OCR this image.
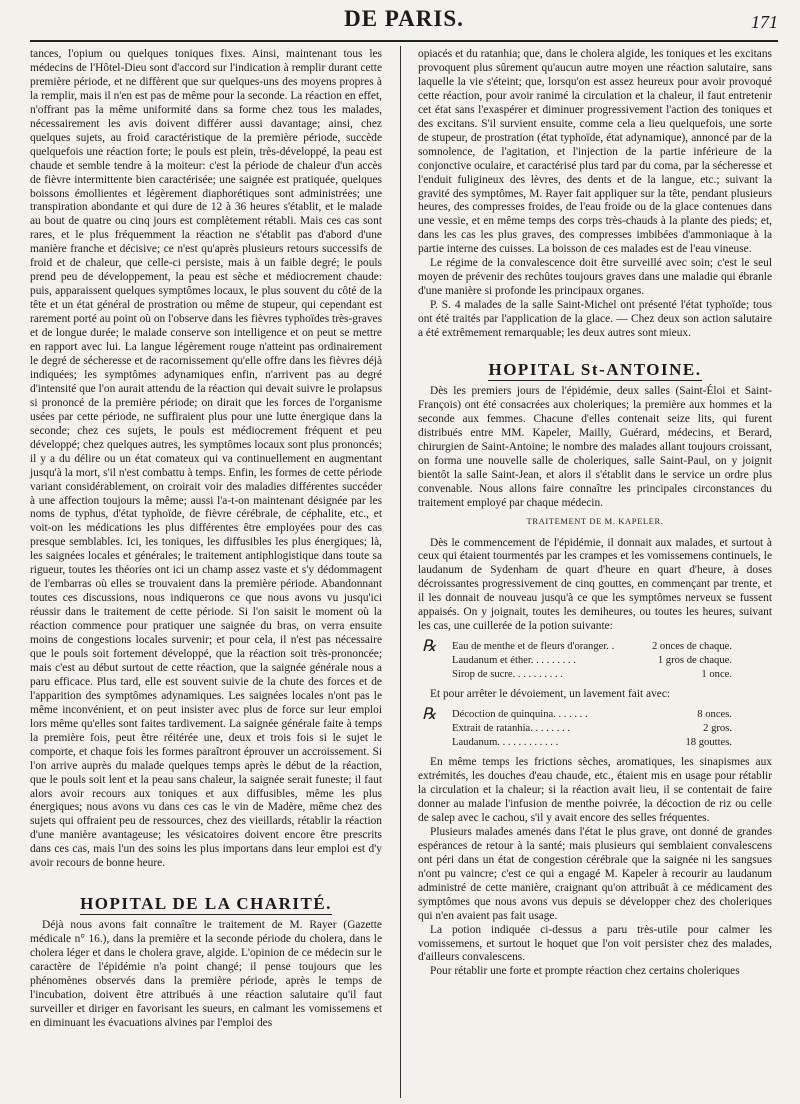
DE PARIS.	171

tances, l'opium ou quelques toniques fixes. Ainsi, maintenant tous les médecins de l'Hôtel-Dieu sont d'accord sur l'indication à remplir durant cette première période, et ne diffèrent que sur quelques-uns des moyens propres à la remplir, mais il n'en est pas de même pour la seconde. La réaction en effet, n'offrant pas la même uniformité dans sa forme chez tous les malades, nécessairement les avis doivent différer aussi davantage; ainsi, chez quelques sujets, au froid caractéristique de la première période, succède quelquefois une réaction forte; le pouls est plein, très-développé, la peau est chaude et semble tendre à la moiteur: c'est la période de chaleur d'un accès de fièvre intermittente bien caractérisée; une saignée est pratiquée, quelques boissons émollientes et légèrement diaphorétiques sont administrées; une transpiration abondante et qui dure de 12 à 36 heures s'établit, et le malade au bout de quatre ou cinq jours est complètement rétabli. Mais ces cas sont rares, et le plus fréquemment la réaction ne s'établit pas d'abord d'une manière franche et décisive; ce n'est qu'après plusieurs retours successifs de froid et de chaleur, que celle-ci persiste, mais à un faible degré; le pouls prend peu de développement, la peau est sèche et médiocrement chaude: puis, apparaissent quelques symptômes locaux, le plus souvent du côté de la tête et un état général de prostration ou même de stupeur, qui cependant est rarement porté au point où on l'observe dans les fièvres typhoïdes très-graves et de longue durée; le malade conserve son intelligence et on peut se mettre en rapport avec lui. La langue légèrement rouge n'atteint pas ordinairement le degré de sécheresse et de racornissement qu'elle offre dans les fièvres déjà indiquées; les symptômes adynamiques enfin, n'arrivent pas au degré d'intensité que l'on aurait attendu de la réaction qui devait suivre le prolapsus si prononcé de la première période; on dirait que les forces de l'organisme usées par cette période, ne suffiraient plus pour une lutte énergique dans la seconde; chez ces sujets, le pouls est médiocrement fréquent et peu développé; chez quelques autres, les symptômes locaux sont plus prononcés; il y a du délire ou un état comateux qui va continuellement en augmentant jusqu'à la mort, s'il n'est combattu à temps. Enfin, les formes de cette période variant considérablement, on croirait voir des maladies différentes succéder à une affection toujours la même; aussi l'a-t-on maintenant désignée par les noms de typhus, d'état typhoïde, de fièvre cérébrale, de céphalite, etc., et voit-on les médications les plus différentes être employées pour des cas presque semblables. Ici, les toniques, les diffusibles les plus énergiques; là, les saignées locales et générales; le traitement antiphlogistique dans toute sa rigueur, toutes les théories ont ici un champ assez vaste et s'y dédommagent de l'embarras où elles se trouvaient dans la première période. Abandonnant toutes ces discussions, nous indiquerons ce que nous avons vu jusqu'ici réussir dans le traitement de cette période. Si l'on saisit le moment où la réaction commence pour pratiquer une saignée du bras, on verra ensuite moins de congestions locales survenir; et pour cela, il n'est pas nécessaire que le pouls soit fortement développé, que la réaction soit très-prononcée; mais c'est au début surtout de cette réaction, que la saignée générale nous a paru efficace. Plus tard, elle est souvent suivie de la chute des forces et de l'apparition des symptômes adynamiques. Les saignées locales n'ont pas le même inconvénient, et on peut insister avec plus de force sur leur emploi lors même qu'elles sont faites tardivement. La saignée générale faite à temps la première fois, peut être réitérée une, deux et trois fois si le sujet le comporte, et chaque fois les formes paraîtront éprouver un accroissement. Si l'on arrive auprès du malade quelques temps après le début de la réaction, que le pouls soit lent et la peau sans chaleur, la saignée serait funeste; il faut alors avoir recours aux toniques et aux diffusibles, même les plus énergiques; nous avons vu dans ces cas le vin de Madère, même chez des sujets qui offraient peu de ressources, chez des vieillards, rétablir la réaction d'une manière avantageuse; les vésicatoires doivent encore être prescrits dans ces cas, mais l'un des soins les plus importans dans leur emploi est d'y avoir recours de bonne heure.

HOPITAL DE LA CHARITÉ.

Déjà nous avons fait connaître le traitement de M. Rayer (Gazette médicale n° 16.), dans la première et la seconde période du cholera, dans le cholera léger et dans le cholera grave, algide. L'opinion de ce médecin sur le caractère de l'épidémie n'a point changé; il pense toujours que les phénomènes observés dans la première période, après le temps de l'incubation, doivent être attribués à une réaction salutaire qu'il faut surveiller et diriger en favorisant les sueurs, en calmant les vomissemens et en diminuant les évacuations alvines par l'emploi des

opiacés et du ratanhia; que, dans le cholera algide, les toniques et les excitans provoquent plus sûrement qu'aucun autre moyen une réaction salutaire, sans laquelle la vie s'éteint; que, lorsqu'on est assez heureux pour avoir provoqué cette réaction, pour avoir ranimé la circulation et la chaleur, il faut entretenir cet état sans l'exaspérer et diminuer progressivement l'action des toniques et des excitans. S'il survient ensuite, comme cela a lieu quelquefois, une sorte de stupeur, de prostration (état typhoïde, état adynamique), annoncé par de la somnolence, de l'agitation, et l'injection de la partie inférieure de la conjonctive oculaire, et caractérisé plus tard par du coma, par la sécheresse et l'enduit fuligineux des lèvres, des dents et de la langue, etc.; suivant la gravité des symptômes, M. Rayer fait appliquer sur la tête, pendant plusieurs heures, des compresses froides, de l'eau froide ou de la glace contenues dans une vessie, et en même temps des corps très-chauds à la plante des pieds; et, dans les cas les plus graves, des compresses imbibées d'ammoniaque à la partie interne des cuisses. La boisson de ces malades est de l'eau vineuse.

Le régime de la convalescence doit être surveillé avec soin; c'est le seul moyen de prévenir des rechûtes toujours graves dans une maladie qui ébranle d'une manière si profonde les principaux organes.

P. S. 4 malades de la salle Saint-Michel ont présenté l'état typhoïde; tous ont été traités par l'application de la glace. — Chez deux son action salutaire a été extrêmement remarquable; les deux autres sont mieux.

HOPITAL St-ANTOINE.

Dès les premiers jours de l'épidémie, deux salles (Saint-Éloi et Saint-François) ont été consacrées aux choleriques; la première aux hommes et la seconde aux femmes. Chacune d'elles contenait seize lits, qui furent distribués entre MM. Kapeler, Mailly, Guérard, médecins, et Berard, chirurgien de Saint-Antoine; le nombre des malades allant toujours croissant, on forma une nouvelle salle de choleriques, salle Saint-Paul, on y joignit bientôt la salle Saint-Jean, et alors il s'établit dans le service un ordre plus convenable. Nous allons faire connaître les principales circonstances du traitement employé par chaque médecin.

TRAITEMENT DE M. KAPELER.

Dès le commencement de l'épidémie, il donnait aux malades, et surtout à ceux qui étaient tourmentés par les crampes et les vomissemens continuels, le laudanum de Sydenham de quart d'heure en quart d'heure, à doses décroissantes progressivement de cinq gouttes, en commençant par trente, et il les donnait de nouveau jusqu'à ce que les symptômes nerveux se fussent appaisés. On y joignait, toutes les demiheures, ou toutes les heures, suivant les cas, une cuillerée de la potion suivante:

℞	Eau de menthe et de fleurs d'oranger. .	2 onces de chaque.
Laudanum et éther. . . . . . . . .	1 gros de chaque.
Sirop de sucre. . . . . . . . . .	1 once.

Et pour arrêter le dévoiement, un lavement fait avec:

℞	Décoction de quinquina. . . . . . .	8 onces.
Extrait de ratanhia. . . . . . . .	2 gros.
Laudanum. . . . . . . . . . . .	18 gouttes.

En même temps les frictions sèches, aromatiques, les sinapismes aux extrémités, les douches d'eau chaude, etc., étaient mis en usage pour rétablir la circulation et la chaleur; si la réaction avait lieu, il se contentait de faire donner au malade l'infusion de menthe poivrée, la décoction de riz ou celle de salep avec le cachou, s'il y avait encore des selles fréquentes.

Plusieurs malades amenés dans l'état le plus grave, ont donné de grandes espérances de retour à la santé; mais plusieurs qui semblaient convalescens ont péri dans un état de congestion cérébrale que la saignée ni les sangsues n'ont pu vaincre; c'est ce qui a engagé M. Kapeler à recourir au laudanum administré de cette manière, craignant qu'on attribuât à ce médicament des symptômes que nous avons vus depuis se développer chez des choleriques qui n'en avaient pas fait usage.

La potion indiquée ci-dessus a paru très-utile pour calmer les vomissemens, et surtout le hoquet que l'on voit persister chez des malades, d'ailleurs convalescens.

Pour rétablir une forte et prompte réaction chez certains choleriques
